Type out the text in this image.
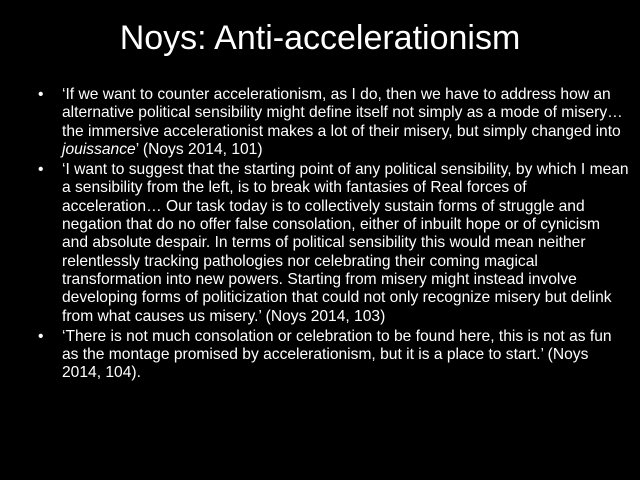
Noys: Anti-accelerationism
• ‘If we want to counter accelerationism, as I do, then we have to address how an alternative political sensibility might define itself not simply as a mode of misery… the immersive accelerationist makes a lot of their misery, but simply changed into jouissance’ (Noys 2014, 101)
• ‘I want to suggest that the starting point of any political sensibility, by which I mean a sensibility from the left, is to break with fantasies of Real forces of acceleration… Our task today is to collectively sustain forms of struggle and negation that do no offer false consolation, either of inbuilt hope or of cynicism and absolute despair. In terms of political sensibility this would mean neither relentlessly tracking pathologies nor celebrating their coming magical transformation into new powers. Starting from misery might instead involve developing forms of politicization that could not only recognize misery but delink from what causes us misery.’ (Noys 2014, 103)
• ‘There is not much consolation or celebration to be found here, this is not as fun as the montage promised by accelerationism, but it is a place to start.’ (Noys 2014, 104).
